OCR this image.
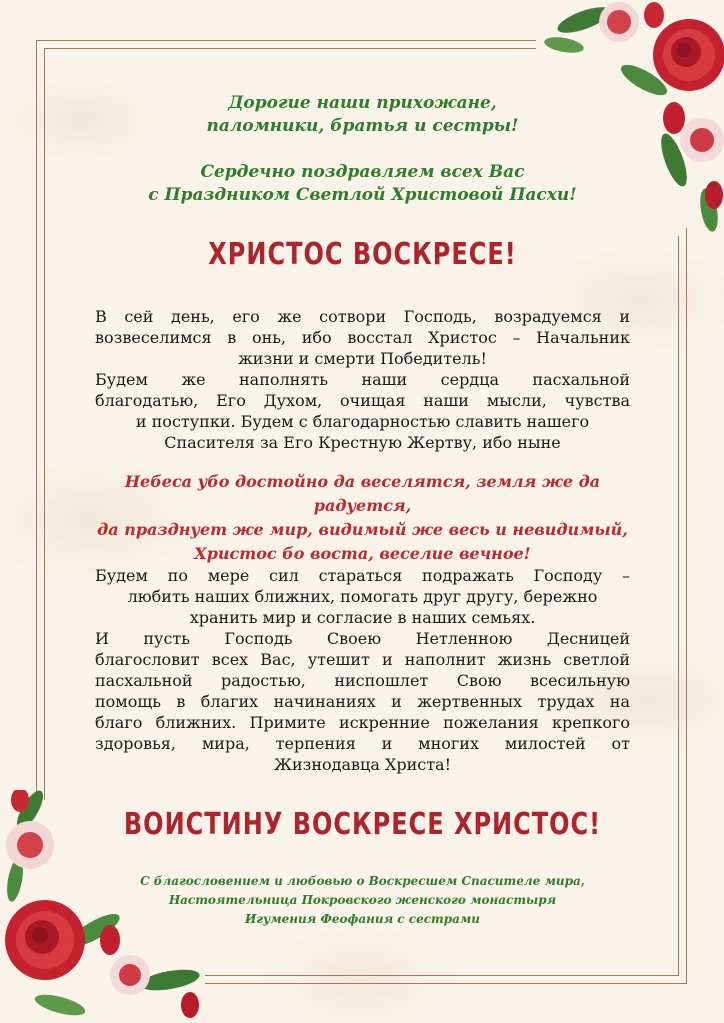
Дорогие наши прихожане,
паломники, братья и сестры!
Сердечно поздравляем всех Вас
с Праздником Светлой Христовой Пасхи!
ХРИСТОС ВОСКРЕСЕ!
В сей день, его же сотвори Господь, возрадуемся и
возвеселимся в онь, ибо восстал Христос – Начальник
жизни и смерти Победитель!
Будем же наполнять наши сердца пасхальной
благодатью, Его Духом, очищая наши мысли, чувства
и поступки. Будем с благодарностью славить нашего
Спасителя за Его Крестную Жертву, ибо ныне
Небеса убо достойно да веселятся, земля же да радуется,
да празднует же мир, видимый же весь и невидимый,
Христос бо воста, веселие вечное!
Будем по мере сил стараться подражать Господу –
любить наших ближних, помогать друг другу, бережно
хранить мир и согласие в наших семьях.
И пусть Господь Своею Нетленною Десницей
благословит всех Вас, утешит и наполнит жизнь светлой
пасхальной радостью, ниспошлет Свою всесильную
помощь в благих начинаниях и жертвенных трудах на
благо ближних. Примите искренние пожелания крепкого
здоровья, мира, терпения и многих милостей от
Жизнодавца Христа!
ВОИСТИНУ ВОСКРЕСЕ ХРИСТОС!
С благословением и любовью о Воскресшем Спасителе мира,
Настоятельница Покровского женского монастыря
Игумения Феофания с сестрами
